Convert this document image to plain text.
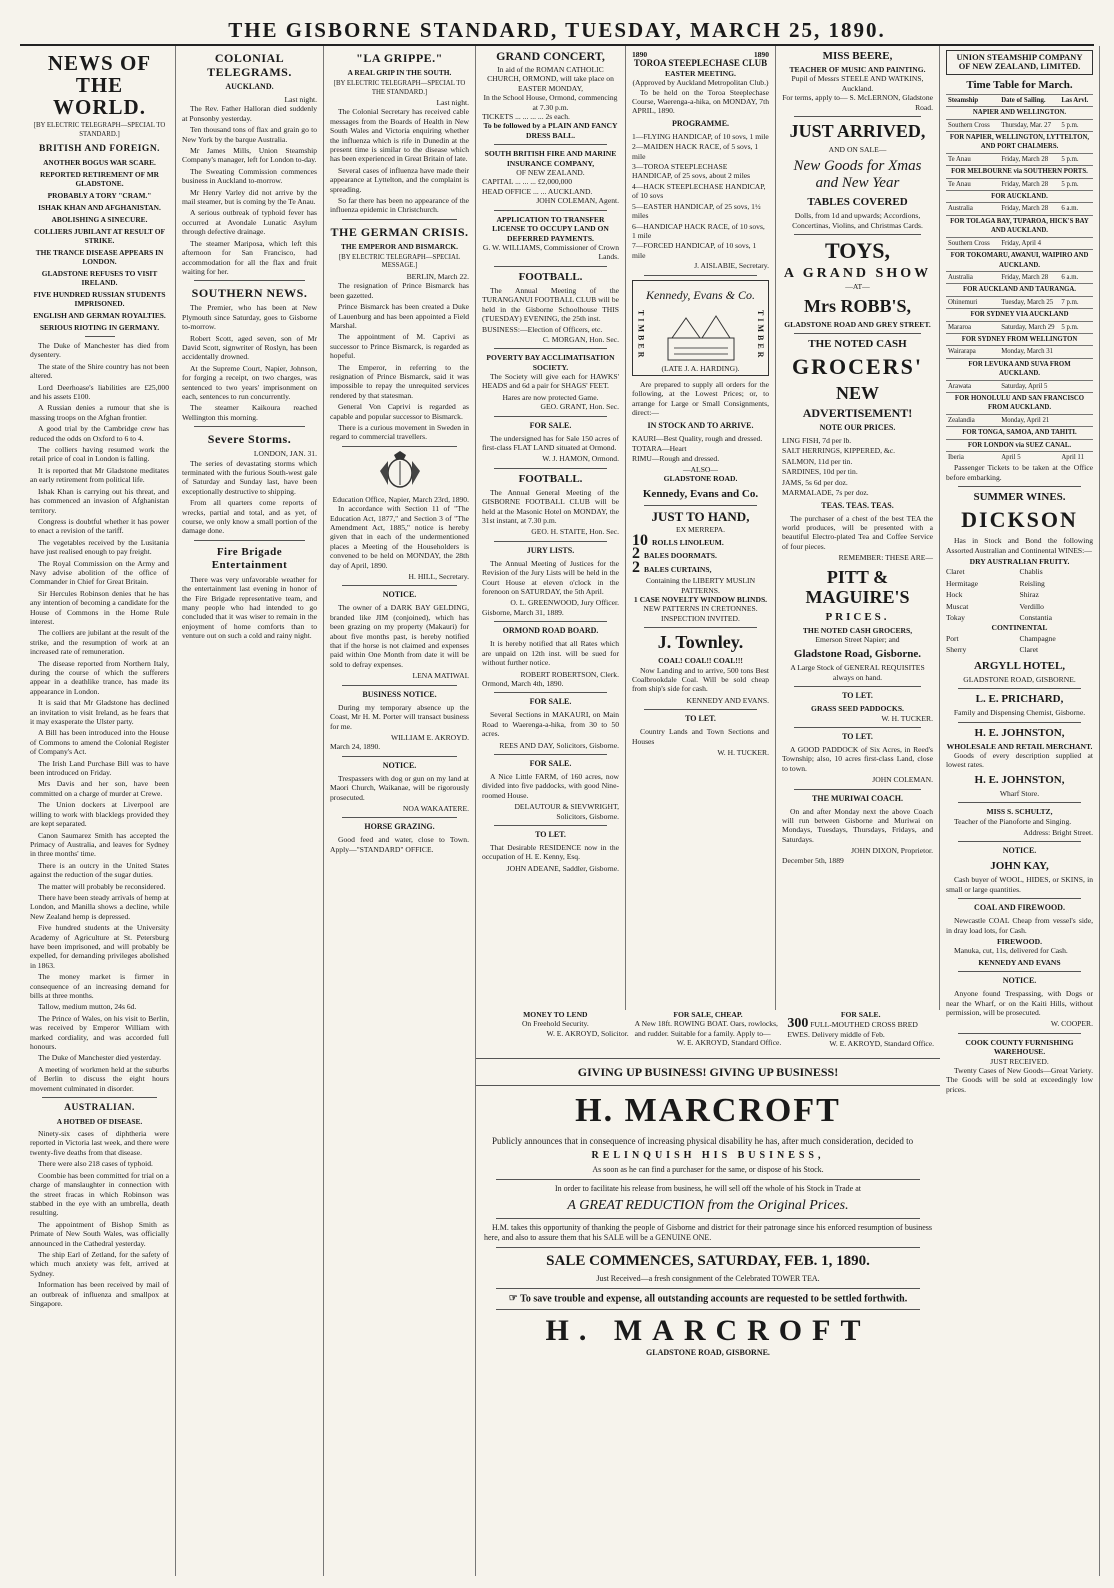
THE GISBORNE STANDARD, TUESDAY, MARCH 25, 1890.
NEWS OF THE WORLD.
[BY ELECTRIC TELEGRAPH—SPECIAL TO STANDARD.]
BRITISH AND FOREIGN.
ANOTHER BOGUS WAR SCARE.
REPORTED RETIREMENT OF MR GLADSTONE.
PROBABLY A TORY "CRAM."
ISHAK KHAN AND AFGHANISTAN.
ABOLISHING A SINECURE.
COLLIERS JUBILANT AT RESULT OF STRIKE.
THE TRANCE DISEASE APPEARS IN LONDON.
GLADSTONE REFUSES TO VISIT IRELAND.
FIVE HUNDRED RUSSIAN STUDENTS IMPRISONED.
ENGLISH AND GERMAN ROYALTIES.
SERIOUS RIOTING IN GERMANY.

The Duke of Manchester has died from dysentery.

The state of the Shire country has not been altered.

Lord Deerhoase's liabilities are £25,000 and his assets £100.

A Russian denies a rumour that she is massing troops on the Afghan frontier.

A good trial by the Cambridge crew has reduced the odds on Oxford to 6 to 4.

The colliers having resumed work the retail price of coal in London is falling.

It is reported that Mr Gladstone meditates an early retirement from political life.

Ishak Khan is carrying out his threat, and has commenced an invasion of Afghanistan territory.

Congress is doubtful whether it has power to enact a revision of the tariff.

The vegetables received by the Lusitania have just realised enough to pay freight.

The Royal Commission on the Army and Navy advise abolition of the office of Commander in Chief for Great Britain.

Sir Hercules Robinson denies that he has any intention of becoming a candidate for the House of Commons in the Home Rule interest.

The colliers are jubilant at the result of the strike, and the resumption of work at an increased rate of remuneration.

The disease reported from Northern Italy, during the course of which the sufferers appear in a deathlike trance, has made its appearance in London.

It is said that Mr Gladstone has declined an invitation to visit Ireland, as he fears that it may exasperate the Ulster party.

A Bill has been introduced into the House of Commons to amend the Colonial Register of Company's Act.

The Irish Land Purchase Bill was to have been introduced on Friday.

Mrs Davis and her son, have been committed on a charge of murder at Crewe.

The Union dockers at Liverpool are willing to work with blacklegs provided they are kept separated.

Canon Saumarez Smith has accepted the Primacy of Australia, and leaves for Sydney in three months' time.

There is an outcry in the United States against the reduction of the sugar duties.

The matter will probably be reconsidered.

There have been steady arrivals of hemp at London, and Manilla shows a decline, while New Zealand hemp is depressed.

Five hundred students at the University Academy of Agriculture at St. Petersburg have been imprisoned, and will probably be expelled, for demanding privileges abolished in 1863.

The money market is firmer in consequence of an increasing demand for bills at three months.

Tallow, medium mutton, 24s 6d.

The Prince of Wales, on his visit to Berlin, was received by Emperor William with marked cordiality, and was accorded full honours.

The Duke of Manchester died yesterday.

A meeting of workmen held at the suburbs of Berlin to discuss the eight hours movement culminated in disorder.

AUSTRALIAN.
A HOTBED OF DISEASE.

Ninety-six cases of diphtheria were reported in Victoria last week, and there were twenty-five deaths from that disease.

There were also 218 cases of typhoid.

Coombie has been committed for trial on a charge of manslaughter in connection with the street fracas in which Robinson was stabbed in the eye with an umbrella, death resulting.

The appointment of Bishop Smith as Primate of New South Wales, was officially announced in the Cathedral yesterday.

The ship Earl of Zetland, for the safety of which much anxiety was felt, arrived at Sydney.

Information has been received by mail of an outbreak of influenza and smallpox at Singapore.

COLONIAL TELEGRAMS.
AUCKLAND.
Last night.

The Rev. Father Halloran died suddenly at Ponsonby yesterday.

Ten thousand tons of flax and grain go to New York by the barque Australia.

Mr James Mills, Union Steamship Company's manager, left for London to-day.

The Sweating Commission commences business in Auckland to-morrow.

Mr Henry Varley did not arrive by the mail steamer, but is coming by the Te Anau.

A serious outbreak of typhoid fever has occurred at Avondale Lunatic Asylum through defective drainage.

The steamer Mariposa, which left this afternoon for San Francisco, had accommodation for all the flax and fruit waiting for her.

SOUTHERN NEWS.

The Premier, who has been at New Plymouth since Saturday, goes to Gisborne to-morrow.

Robert Scott, aged seven, son of Mr David Scott, signwriter of Roslyn, has been accidentally drowned.

At the Supreme Court, Napier, Johnson, for forging a receipt, on two charges, was sentenced to two years' imprisonment on each, sentences to run concurrently.

The steamer Kaikoura reached Wellington this morning.

Severe Storms.
LONDON, JAN. 31.

The series of devastating storms which terminated with the furious South-west gale of Saturday and Sunday last, have been exceptionally destructive to shipping.

From all quarters come reports of wrecks, partial and total, and as yet, of course, we only know a small portion of the damage done.

Fire Brigade Entertainment

There was very unfavorable weather for the entertainment last evening in honor of the Fire Brigade representative team, and many people who had intended to go concluded that it was wiser to remain in the enjoyment of home comforts than to venture out on such a cold and rainy night.

"LA GRIPPE."
A REAL GRIP IN THE SOUTH.
[BY ELECTRIC TELEGRAPH—SPECIAL TO THE STANDARD.]
Last night.

The Colonial Secretary has received cable messages from the Boards of Health in New South Wales and Victoria enquiring whether the influenza which is rife in Dunedin at the present time is similar to the disease which has been experienced in Great Britain of late.

Several cases of influenza have made their appearance at Lyttelton, and the complaint is spreading.

So far there has been no appearance of the influenza epidemic in Christchurch.

THE GERMAN CRISIS.
THE EMPEROR AND BISMARCK.
[BY ELECTRIC TELEGRAPH—SPECIAL MESSAGE.]
BERLIN, March 22.

The resignation of Prince Bismarck has been gazetted.

Prince Bismarck has been created a Duke of Lauenburg and has been appointed a Field Marshal.

The appointment of M. Caprivi as successor to Prince Bismarck, is regarded as hopeful.

The Emperor, in referring to the resignation of Prince Bismarck, said it was impossible to repay the unrequited services rendered by that statesman.

General Von Caprivi is regarded as capable and popular successor to Bismarck.

There is a curious movement in Sweden in regard to commercial travellers.

Education Office, Napier, March 23rd, 1890.

In accordance with Section 11 of "The Education Act, 1877," and Section 3 of "The Amendment Act, 1885," notice is hereby given that in each of the undermentioned places a Meeting of the Householders is convened to be held on MONDAY, the 28th day of April, 1890.

H. HILL, Secretary.
NOTICE.

The owner of a DARK BAY GELDING, branded like JIM (conjoined), which has been grazing on my property (Makauri) for about five months past, is hereby notified that if the horse is not claimed and expenses paid within One Month from date it will be sold to defray expenses.

LENA MATIWAI.
BUSINESS NOTICE.

During my temporary absence up the Coast, Mr H. M. Porter will transact business for me.

WILLIAM E. AKROYD.
March 24, 1890.
NOTICE.

Trespassers with dog or gun on my land at Maori Church, Waikanae, will be rigorously prosecuted.

NOA WAKAATERE.
HORSE GRAZING.

Good feed and water, close to Town. Apply—"STANDARD" OFFICE.

GRAND CONCERT,
In aid of the ROMAN CATHOLIC CHURCH, ORMOND, will take place on EASTER MONDAY,
In the School House, Ormond, commencing at 7.30 p.m.
TICKETS ... ... ... ... 2s each.
To be followed by a PLAIN AND FANCY DRESS BALL.
SOUTH BRITISH FIRE AND MARINE INSURANCE COMPANY,
OF NEW ZEALAND.
CAPITAL ... ... ... £2,000,000
HEAD OFFICE ... ... AUCKLAND.
JOHN COLEMAN, Agent.
APPLICATION TO TRANSFER LICENSE TO OCCUPY LAND ON DEFERRED PAYMENTS.
G. W. WILLIAMS, Commissioner of Crown Lands.
FOOTBALL.

The Annual Meeting of the TURANGANUI FOOTBALL CLUB will be held in the Gisborne Schoolhouse THIS (TUESDAY) EVENING, the 25th inst.

BUSINESS:—Election of Officers, etc.
C. MORGAN, Hon. Sec.
POVERTY BAY ACCLIMATISATION SOCIETY.

The Society will give each for HAWKS' HEADS and 6d a pair for SHAGS' FEET.

Hares are now protected Game.
GEO. GRANT, Hon. Sec.
FOR SALE.

The undersigned has for Sale 150 acres of first-class FLAT LAND situated at Ormond.

W. J. HAMON, Ormond.
FOOTBALL.

The Annual General Meeting of the GISBORNE FOOTBALL CLUB will be held at the Masonic Hotel on MONDAY, the 31st instant, at 7.30 p.m.

GEO. H. STAITE, Hon. Sec.
JURY LISTS.

The Annual Meeting of Justices for the Revision of the Jury Lists will be held in the Court House at eleven o'clock in the forenoon on SATURDAY, the 5th April.

O. L. GREENWOOD, Jury Officer.
Gisborne, March 31, 1889.
ORMOND ROAD BOARD.

It is hereby notified that all Rates which are unpaid on 12th inst. will be sued for without further notice.

ROBERT ROBERTSON, Clerk.
Ormond, March 4th, 1890.
FOR SALE.

Several Sections in MAKAURI, on Main Road to Waerenga-a-hika, from 30 to 50 acres.

REES AND DAY, Solicitors, Gisborne.
FOR SALE.

A Nice Little FARM, of 160 acres, now divided into five paddocks, with good Nine-roomed House.

DELAUTOUR & SIEVWRIGHT, Solicitors, Gisborne.
TO LET.

That Desirable RESIDENCE now in the occupation of H. E. Kenny, Esq.

JOHN ADEANE, Saddler, Gisborne.
1890	1890
TOROA STEEPLECHASE CLUB
EASTER MEETING.
(Approved by Auckland Metropolitan Club.)

To be held on the Toroa Steeplechase Course, Waerenga-a-hika, on MONDAY, 7th APRIL, 1890.

PROGRAMME.
1—FLYING HANDICAP, of 10 sovs, 1 mile
2—MAIDEN HACK RACE, of 5 sovs, 1 mile
3—TOROA STEEPLECHASE HANDICAP, of 25 sovs, about 2 miles
4—HACK STEEPLECHASE HANDICAP, of 10 sovs
5—EASTER HANDICAP, of 25 sovs, 1½ miles
6—HANDICAP HACK RACE, of 10 sovs, 1 mile
7—FORCED HANDICAP, of 10 sovs, 1 mile
J. AISLABIE, Secretary.
Kennedy, Evans & Co.
TIMBER	TIMBER
(LATE J. A. HARDING).

Are prepared to supply all orders for the following, at the Lowest Prices; or, to arrange for Large or Small Consignments, direct:—

IN STOCK AND TO ARRIVE.
KAURI—Best Quality, rough and dressed.
TOTARA—Heart
RIMU—Rough and dressed.
—ALSO—
GLADSTONE ROAD.
Kennedy, Evans and Co.
JUST TO HAND,
EX MERREPA.
10 ROLLS LINOLEUM.
2 BALES DOORMATS.
2 BALES CURTAINS,
Containing the LIBERTY MUSLIN PATTERNS.
1 CASE NOVELTY WINDOW BLINDS.
NEW PATTERNS IN CRETONNES.
INSPECTION INVITED.
J. Townley.
COAL! COAL!! COAL!!!

Now Landing and to arrive, 500 tons Best Coalbrookdale Coal. Will be sold cheap from ship's side for cash.

KENNEDY AND EVANS.
TO LET.

Country Lands and Town Sections and Houses

W. H. TUCKER.
MISS BEERE,
TEACHER OF MUSIC AND PAINTING.
Pupil of Messrs STEELE AND WATKINS, Auckland.
For terms, apply to— S. McLERNON, Gladstone Road.
JUST ARRIVED,
AND ON SALE—
New Goods for Xmas and New Year
TABLES COVERED
Dolls, from 1d and upwards; Accordions, Concertinas, Violins, and Christmas Cards.
TOYS,
A GRAND SHOW
—AT—
Mrs ROBB'S,
GLADSTONE ROAD AND GREY STREET.
THE NOTED CASH
GROCERS'
NEW
ADVERTISEMENT!
NOTE OUR PRICES.
LING FISH, 7d per lb.
SALT HERRINGS, KIPPERED, &c.
SALMON, 11d per tin.
SARDINES, 10d per tin.
JAMS, 5s 6d per doz.
MARMALADE, 7s per doz.
TEAS. TEAS. TEAS.

The purchaser of a chest of the best TEA the world produces, will be presented with a beautiful Electro-plated Tea and Coffee Service of four pieces.

REMEMBER: THESE ARE—
PITT & MAGUIRE'S
PRICES.
THE NOTED CASH GROCERS,
Emerson Street Napier; and
Gladstone Road, Gisborne.
A Large Stock of GENERAL REQUISITES always on hand.
TO LET.
GRASS SEED PADDOCKS.
W. H. TUCKER.
TO LET.

A GOOD PADDOCK of Six Acres, in Reed's Township; also, 10 acres first-class Land, close to town.

JOHN COLEMAN.
THE MURIWAI COACH.

On and after Monday next the above Coach will run between Gisborne and Muriwai on Mondays, Tuesdays, Thursdays, Fridays, and Saturdays.

JOHN DIXON, Proprietor.
December 5th, 1889
UNION STEAMSHIP COMPANY OF NEW ZEALAND, LIMITED.
Time Table for March.
Steamship	Date of Sailing.	Las Arvl.
NAPIER AND WELLINGTON.		
Southern Cross	Thursday, Mar. 27	5 p.m.
FOR NAPIER, WELLINGTON, LYTTELTON, AND PORT CHALMERS.		
Te Anau	Friday, March 28	5 p.m.
FOR MELBOURNE via SOUTHERN PORTS.		
Te Anau	Friday, March 28	5 p.m.
FOR AUCKLAND.		
Australia	Friday, March 28	6 a.m.
FOR TOLAGA BAY, TUPAROA, HICK'S BAY AND AUCKLAND.		
Southern Cross	Friday, April 4	
FOR TOKOMARU, AWANUI, WAIPIRO AND AUCKLAND.		
Australia	Friday, March 28	6 a.m.
FOR AUCKLAND AND TAURANGA.		
Ohinemuri	Tuesday, March 25	7 p.m.
FOR SYDNEY VIA AUCKLAND		
Mararoa	Saturday, March 29	5 p.m.
FOR SYDNEY FROM WELLINGTON		
Wairarapa	Monday, March 31	
FOR LEVUKA AND SUVA FROM AUCKLAND.		
Arawata	Saturday, April 5	
FOR HONOLULU AND SAN FRANCISCO FROM AUCKLAND.		
Zealandia	Monday, April 21	
FOR TONGA, SAMOA, AND TAHITI.		
FOR LONDON via SUEZ CANAL.		
Iberia	April 5	April 11

Passenger Tickets to be taken at the Office before embarking.

SUMMER WINES.
DICKSON

Has in Stock and Bond the following Assorted Australian and Continental WINES:—

DRY AUSTRALIAN FRUITY.
Claret	Chablis
Hermitage	Reisling
Hock	Shiraz
Muscat	Verdillo
Tokay	Constantia
CONTINENTAL
Port	Champagne
Sherry	Claret
ARGYLL HOTEL,
GLADSTONE ROAD, GISBORNE.
L. E. PRICHARD,
Family and Dispensing Chemist, Gisborne.
H. E. JOHNSTON,
WHOLESALE AND RETAIL MERCHANT.

Goods of every description supplied at lowest rates.

H. E. JOHNSTON,
Wharf Store.
MISS S. SCHULTZ,

Teacher of the Pianoforte and Singing.

Address: Bright Street.
NOTICE.
JOHN KAY,

Cash buyer of WOOL, HIDES, or SKINS, in small or large quantities.

COAL AND FIREWOOD.

Newcastle COAL Cheap from vessel's side, in dray load lots, for Cash.

FIREWOOD.

Manuka, cut, 11s, delivered for Cash.

KENNEDY AND EVANS
NOTICE.

Anyone found Trespassing, with Dogs or near the Wharf, or on the Kaiti Hills, without permission, will be prosecuted.

W. COOPER.
COOK COUNTY FURNISHING WAREHOUSE.
JUST RECEIVED.

Twenty Cases of New Goods—Great Variety. The Goods will be sold at exceedingly low prices.

GIVING UP BUSINESS! GIVING UP BUSINESS!
H. MARCROFT

Publicly announces that in consequence of increasing physical disability he has, after much consideration, decided to

RELINQUISH HIS BUSINESS,
As soon as he can find a purchaser for the same, or dispose of his Stock.
In order to facilitate his release from business, he will sell off the whole of his Stock in Trade at
A GREAT REDUCTION from the Original Prices.

H.M. takes this opportunity of thanking the people of Gisborne and district for their patronage since his enforced resumption of business here, and also to assure them that his SALE will be a GENUINE ONE.

SALE COMMENCES, SATURDAY, FEB. 1, 1890.
Just Received—a fresh consignment of the Celebrated TOWER TEA.
☞ To save trouble and expense, all outstanding accounts are requested to be settled forthwith.
H. MARCROFT
GLADSTONE ROAD, GISBORNE.
MONEY TO LEND
On Freehold Security.
W. E. AKROYD, Solicitor.
FOR SALE, CHEAP.
A New 18ft. ROWING BOAT. Oars, rowlocks, and rudder. Suitable for a family. Apply to—
W. E. AKROYD, Standard Office.
FOR SALE.
300 FULL-MOUTHED CROSS BRED EWES. Delivery middle of Feb.
W. E. AKROYD, Standard Office.
